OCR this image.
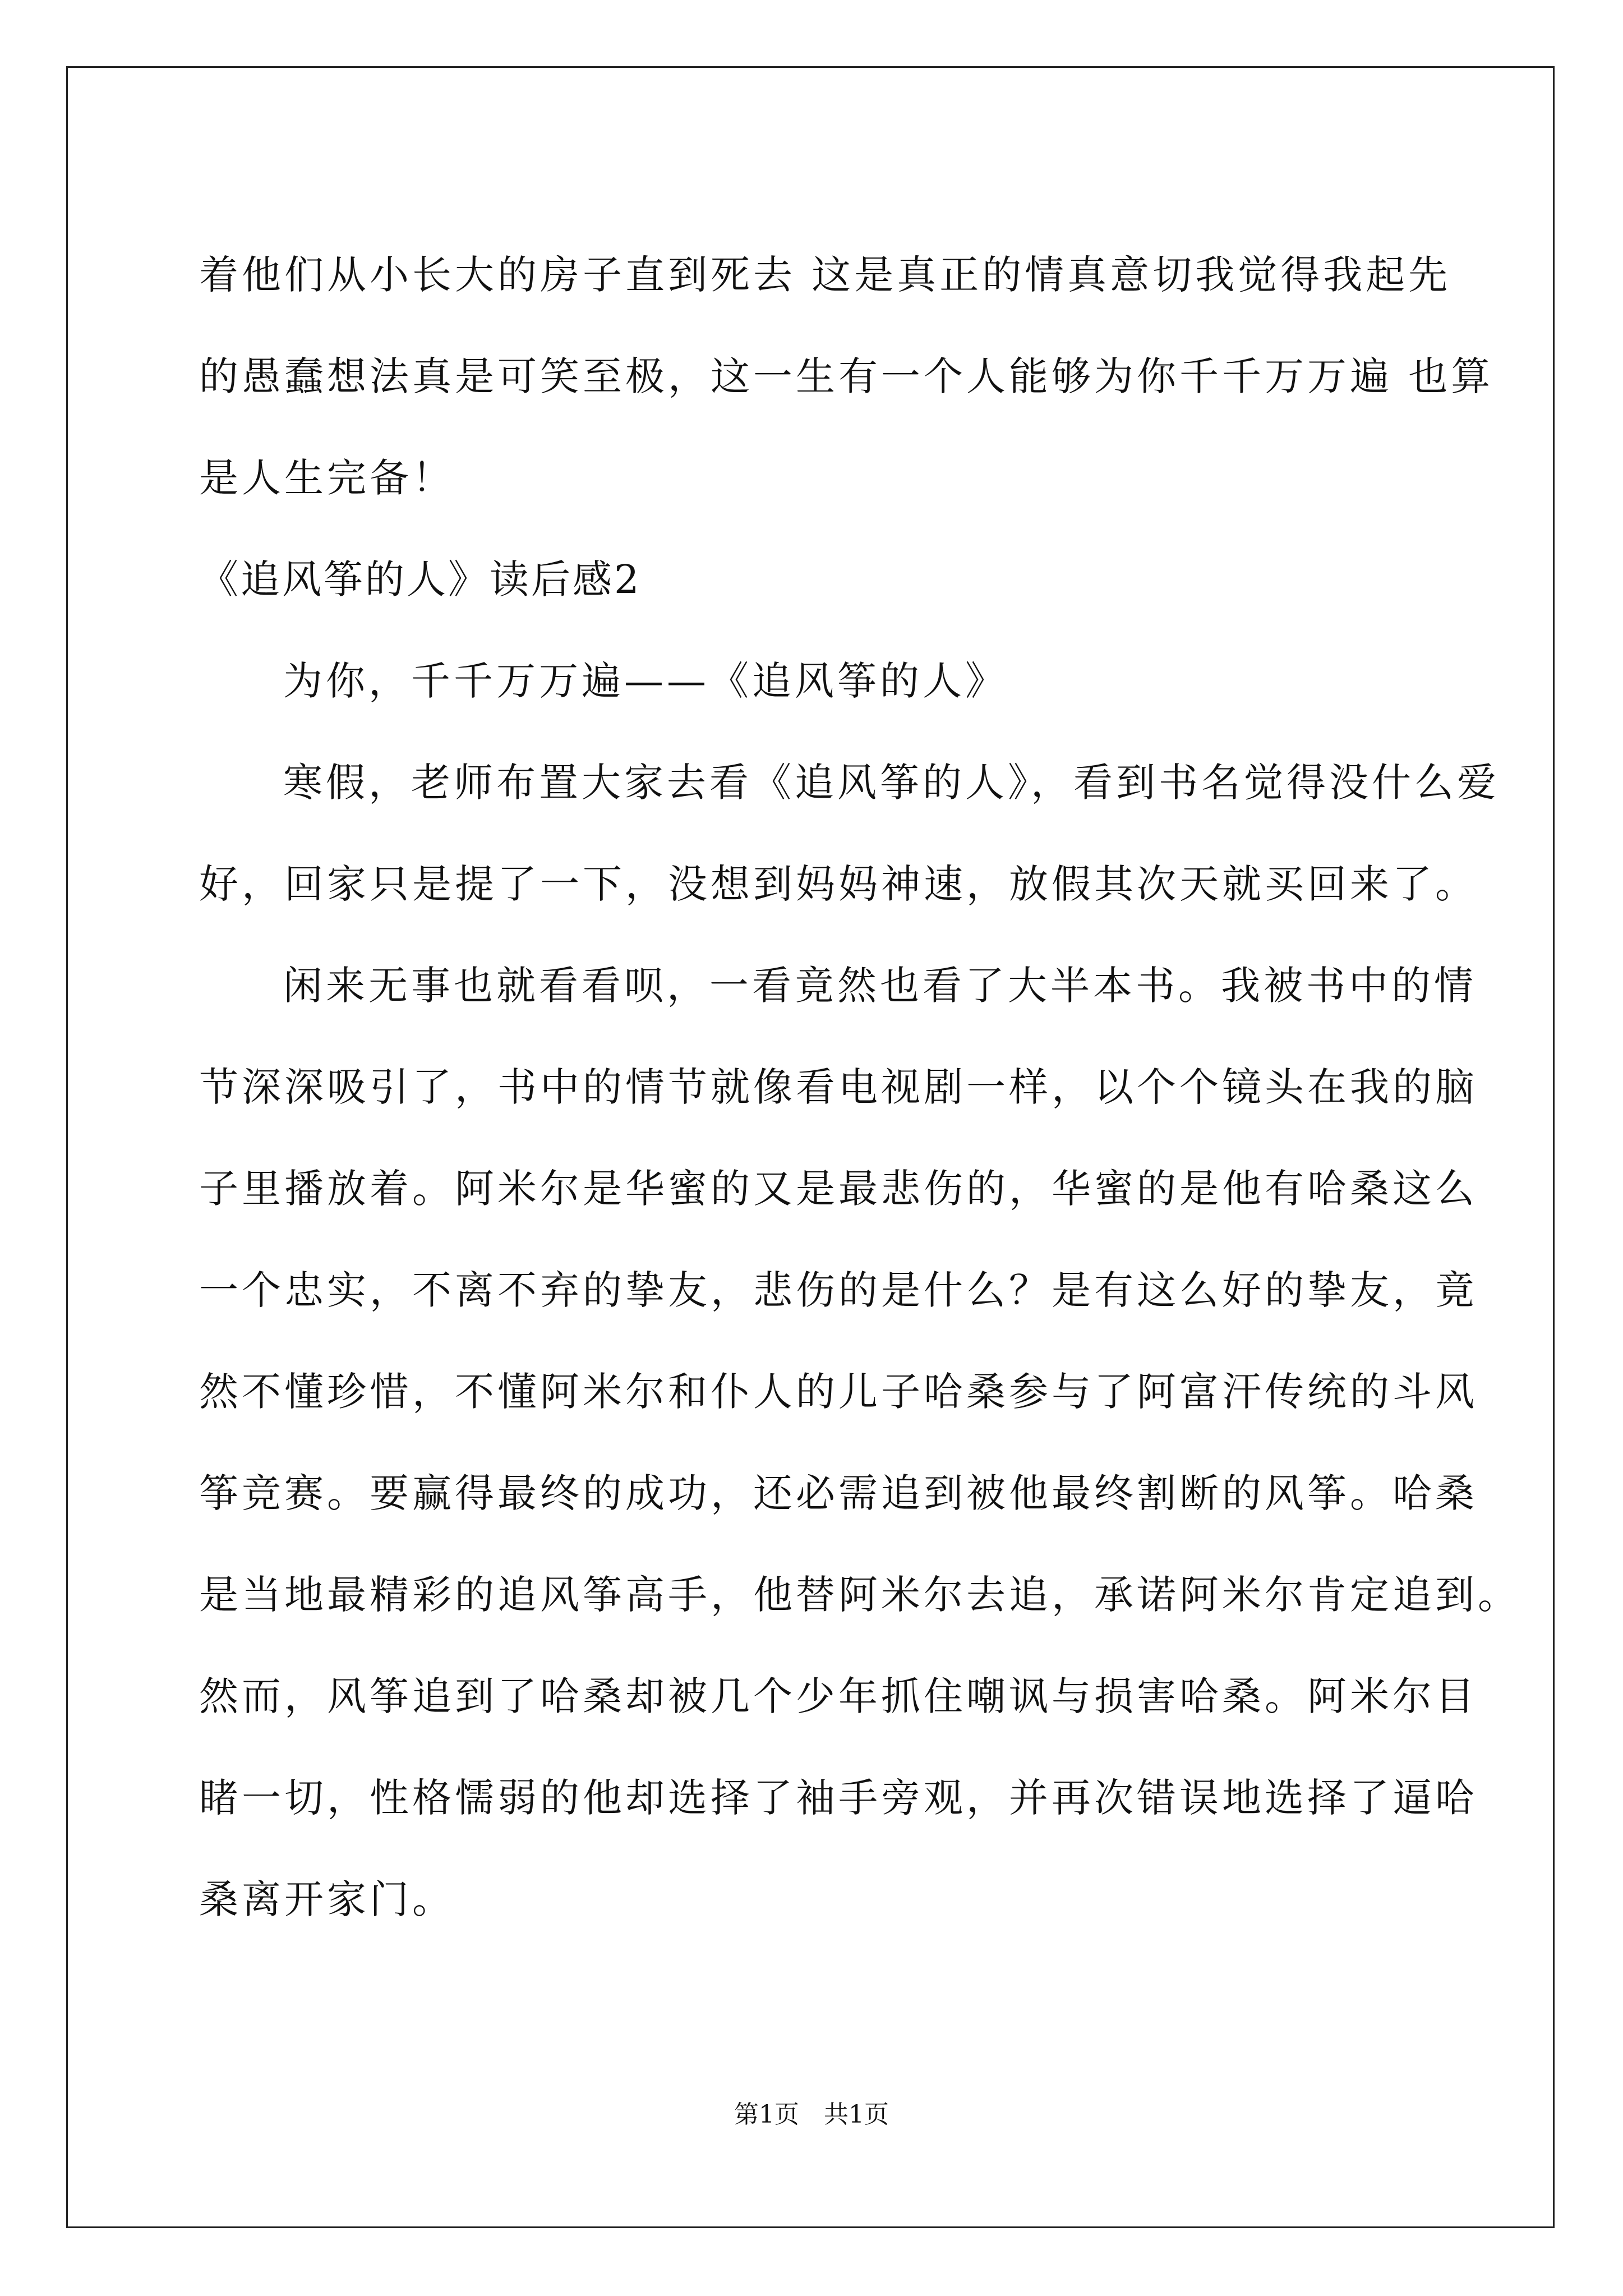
着他们从小长大的房子直到死去 这是真正的情真意切我觉得我起先
的愚蠢想法真是可笑至极，这一生有一个人能够为你千千万万遍 也算
是人生完备！
《追风筝的人》读后感2
为你，千千万万遍——《追风筝的人》
寒假，老师布置大家去看《追风筝的人》，看到书名觉得没什么爱
好，回家只是提了一下，没想到妈妈神速，放假其次天就买回来了。
闲来无事也就看看呗，一看竟然也看了大半本书。我被书中的情
节深深吸引了，书中的情节就像看电视剧一样，以个个镜头在我的脑
子里播放着。阿米尔是华蜜的又是最悲伤的，华蜜的是他有哈桑这么
一个忠实，不离不弃的挚友，悲伤的是什么？是有这么好的挚友，竟
然不懂珍惜，不懂阿米尔和仆人的儿子哈桑参与了阿富汗传统的斗风
筝竞赛。要赢得最终的成功，还必需追到被他最终割断的风筝。哈桑
是当地最精彩的追风筝高手，他替阿米尔去追，承诺阿米尔肯定追到。
然而，风筝追到了哈桑却被几个少年抓住嘲讽与损害哈桑。阿米尔目
睹一切，性格懦弱的他却选择了袖手旁观，并再次错误地选择了逼哈
桑离开家门。
第1页　共1页
